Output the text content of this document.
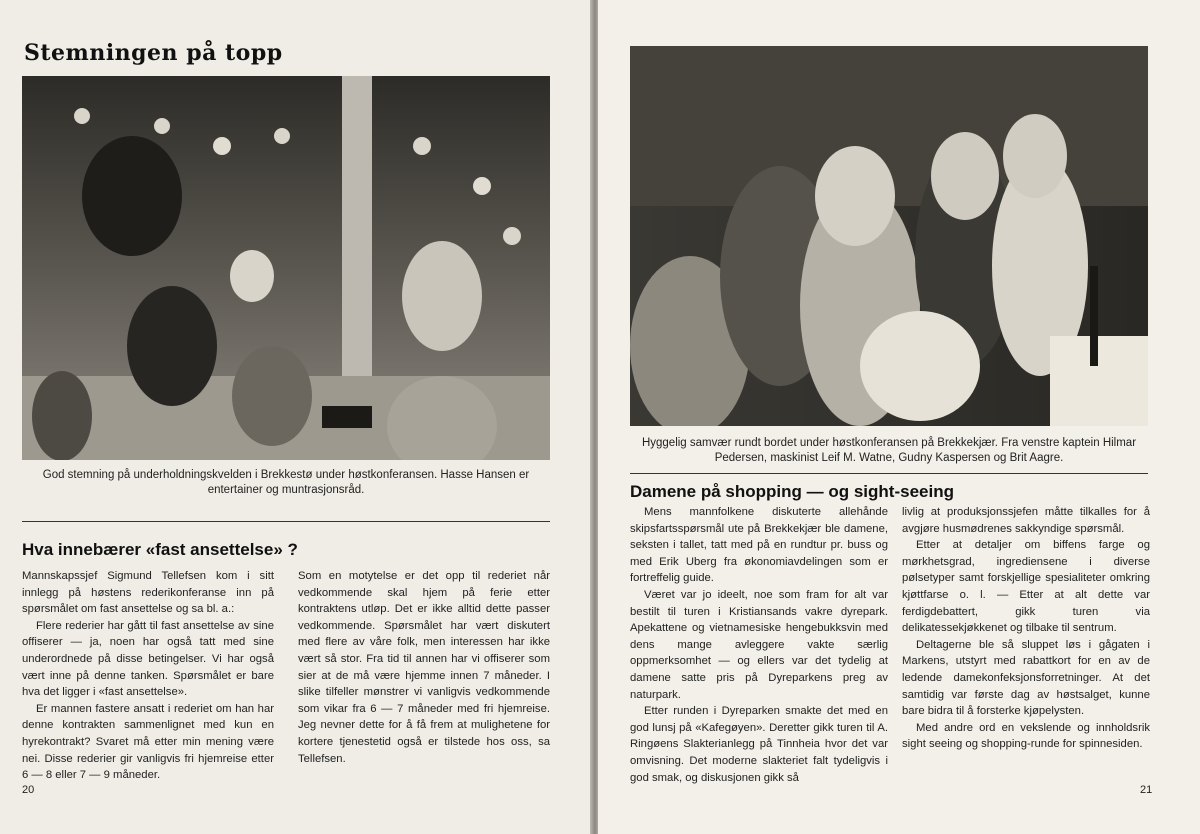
Stemningen på topp
God stemning på underholdningskvelden i Brekkestø under høstkonferansen. Hasse Hansen er entertainer og muntrasjonsråd.
Hva innebærer «fast ansettelse» ?

Mannskapssjef Sigmund Tellefsen kom i sitt innlegg på høstens rederikonferanse inn på spørsmålet om fast ansettelse og sa bl. a.:

Flere rederier har gått til fast ansettelse av sine offiserer — ja, noen har også tatt med sine underordnede på disse betingelser. Vi har også vært inne på denne tanken. Spørsmålet er bare hva det ligger i «fast ansettelse».

Er mannen fastere ansatt i rederiet om han har denne kontrakten sammenlignet med kun en hyrekontrakt? Svaret må etter min mening være nei. Disse rederier gir vanligvis fri hjemreise etter 6 — 8 eller 7 — 9 måneder.

Som en motytelse er det opp til rederiet når vedkommende skal hjem på ferie etter kontraktens utløp. Det er ikke alltid dette passer vedkommende. Spørsmålet har vært diskutert med flere av våre folk, men interessen har ikke vært så stor. Fra tid til annen har vi offiserer som sier at de må være hjemme innen 7 måneder. I slike tilfeller mønstrer vi vanligvis vedkommende som vikar fra 6 — 7 måneder med fri hjemreise. Jeg nevner dette for å få frem at mulighetene for kortere tjenestetid også er tilstede hos oss, sa Tellefsen.

20
Hyggelig samvær rundt bordet under høstkonferansen på Brekkekjær. Fra venstre kaptein Hilmar Pedersen, maskinist Leif M. Watne, Gudny Kaspersen og Brit Aagre.
Damene på shopping — og sight-seeing

Mens mannfolkene diskuterte allehånde skipsfartsspørsmål ute på Brekkekjær ble damene, seksten i tallet, tatt med på en rundtur pr. buss og med Erik Uberg fra økonomiavdelingen som er fortreffelig guide.

Været var jo ideelt, noe som fram for alt var bestilt til turen i Kristiansands vakre dyrepark. Apekattene og vietnamesiske hengebukksvin med dens mange avleggere vakte særlig oppmerksomhet — og ellers var det tydelig at damene satte pris på Dyreparkens preg av naturpark.

Etter runden i Dyreparken smakte det med en god lunsj på «Kafegøyen». Deretter gikk turen til A. Ringøens Slakterianlegg på Tinnheia hvor det var omvisning. Det moderne slakteriet falt tydeligvis i god smak, og diskusjonen gikk så

livlig at produksjonssjefen måtte tilkalles for å avgjøre husmødrenes sakkyndige spørsmål.

Etter at detaljer om biffens farge og mørkhetsgrad, ingrediensene i diverse pølsetyper samt forskjellige spesialiteter omkring kjøttfarse o. l. — Etter at alt dette var ferdigdebattert, gikk turen via delikatessekjøkkenet og tilbake til sentrum.

Deltagerne ble så sluppet løs i gågaten i Markens, utstyrt med rabattkort for en av de ledende damekonfeksjonsforretninger. At det samtidig var første dag av høstsalget, kunne bare bidra til å forsterke kjøpelysten.

Med andre ord en vekslende og innholdsrik sight seeing og shopping-runde for spinnesiden.

21
